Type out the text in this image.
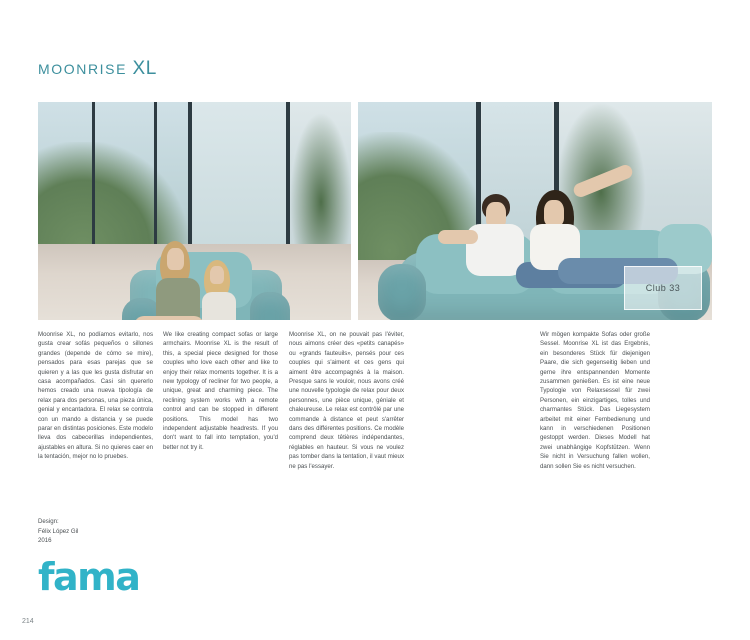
MOONRISE XL
Club 33
Moonrise XL, no podíamos evitarlo, nos gusta crear sofás pequeños o sillones grandes (depende de cómo se mire), pensados para esas parejas que se quieren y a las que les gusta disfrutar en casa acompañados. Casi sin quererlo hemos creado una nueva tipología de relax para dos personas, una pieza única, genial y encantadora. El relax se controla con un mando a distancia y se puede parar en distintas posiciones. Este modelo lleva dos cabecerillas independientes, ajustables en altura. Si no quieres caer en la tentación, mejor no lo pruebes.
We like creating compact sofas or large armchairs. Moonrise XL is the result of this, a special piece designed for those couples who love each other and like to enjoy their relax moments together. It is a new typology of recliner for two people, a unique, great and charming piece. The reclining system works with a remote control and can be stopped in different positions. This model has two independent adjustable headrests. If you don't want to fall into temptation, you'd better not try it.
Moonrise XL, on ne pouvait pas l'éviter, nous aimons créer des «petits canapés» ou «grands fauteuils», pensés pour ces couples qui s'aiment et ces gens qui aiment être accompagnés à la maison. Presque sans le vouloir, nous avons créé une nouvelle typologie de relax pour deux personnes, une pièce unique, géniale et chaleureuse. Le relax est contrôlé par une commande à distance et peut s'arrêter dans des différentes positions. Ce modèle comprend deux têtières indépendantes, réglables en hauteur. Si vous ne voulez pas tomber dans la tentation, il vaut mieux ne pas l'essayer.
Wir mögen kompakte Sofas oder große Sessel. Moonrise XL ist das Ergebnis, ein besonderes Stück für diejenigen Paare, die sich gegenseitig lieben und gerne ihre entspannenden Momente zusammen genießen. Es ist eine neue Typologie von Relaxsessel für zwei Personen, ein einzigartiges, tolles und charmantes Stück. Das Liegesystem arbeitet mit einer Fernbedienung und kann in verschiedenen Positionen gestoppt werden. Dieses Modell hat zwei unabhängige Kopfstützen. Wenn Sie nicht in Versuchung fallen wollen, dann sollen Sie es nicht versuchen.
Design:
Félix López Gil
2016
fama
214
